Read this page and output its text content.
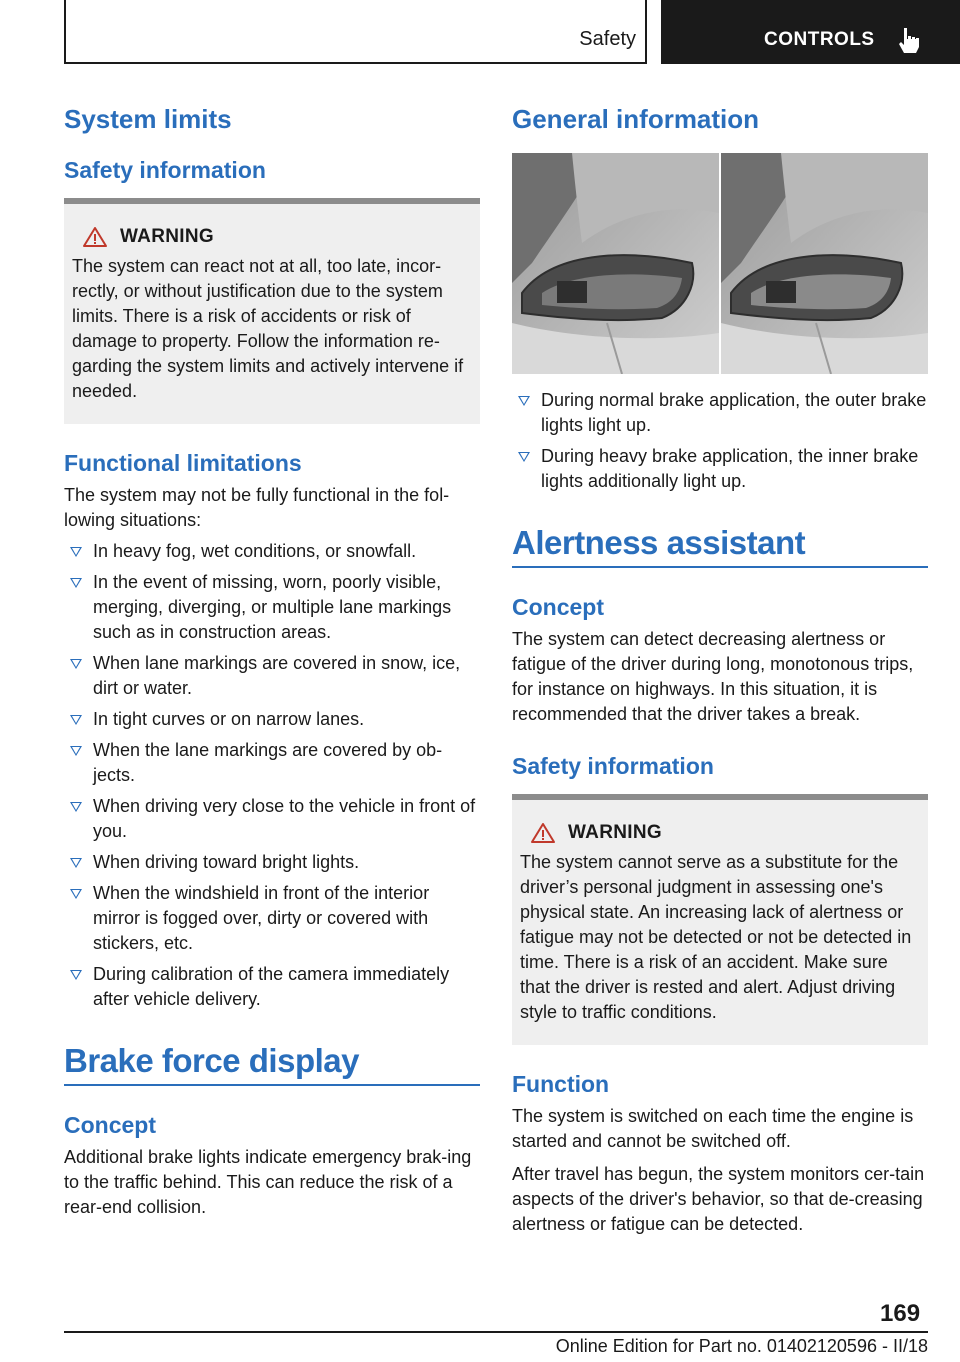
Safety	CONTROLS
System limits
Safety information
WARNING

The system can react not at all, too late, incor-rectly, or without justification due to the system limits. There is a risk of accidents or risk of damage to property. Follow the information re-garding the system limits and actively intervene if needed.

Functional limitations

The system may not be fully functional in the fol-lowing situations:

In heavy fog, wet conditions, or snowfall.
In the event of missing, worn, poorly visible, merging, diverging, or multiple lane markings such as in construction areas.
When lane markings are covered in snow, ice, dirt or water.
In tight curves or on narrow lanes.
When the lane markings are covered by ob-jects.
When driving very close to the vehicle in front of you.
When driving toward bright lights.
When the windshield in front of the interior mirror is fogged over, dirty or covered with stickers, etc.
During calibration of the camera immediately after vehicle delivery.
Brake force display
Concept

Additional brake lights indicate emergency brak-ing to the traffic behind. This can reduce the risk of a rear-end collision.

General information
During normal brake application, the outer brake lights light up.
During heavy brake application, the inner brake lights additionally light up.
Alertness assistant
Concept

The system can detect decreasing alertness or fatigue of the driver during long, monotonous trips, for instance on highways. In this situation, it is recommended that the driver takes a break.

Safety information
WARNING

The system cannot serve as a substitute for the driver’s personal judgment in assessing one's physical state. An increasing lack of alertness or fatigue may not be detected or not be detected in time. There is a risk of an accident. Make sure that the driver is rested and alert. Adjust driving style to traffic conditions.

Function

The system is switched on each time the engine is started and cannot be switched off.

After travel has begun, the system monitors cer-tain aspects of the driver's behavior, so that de-creasing alertness or fatigue can be detected.

169
Online Edition for Part no. 01402120596 - II/18
